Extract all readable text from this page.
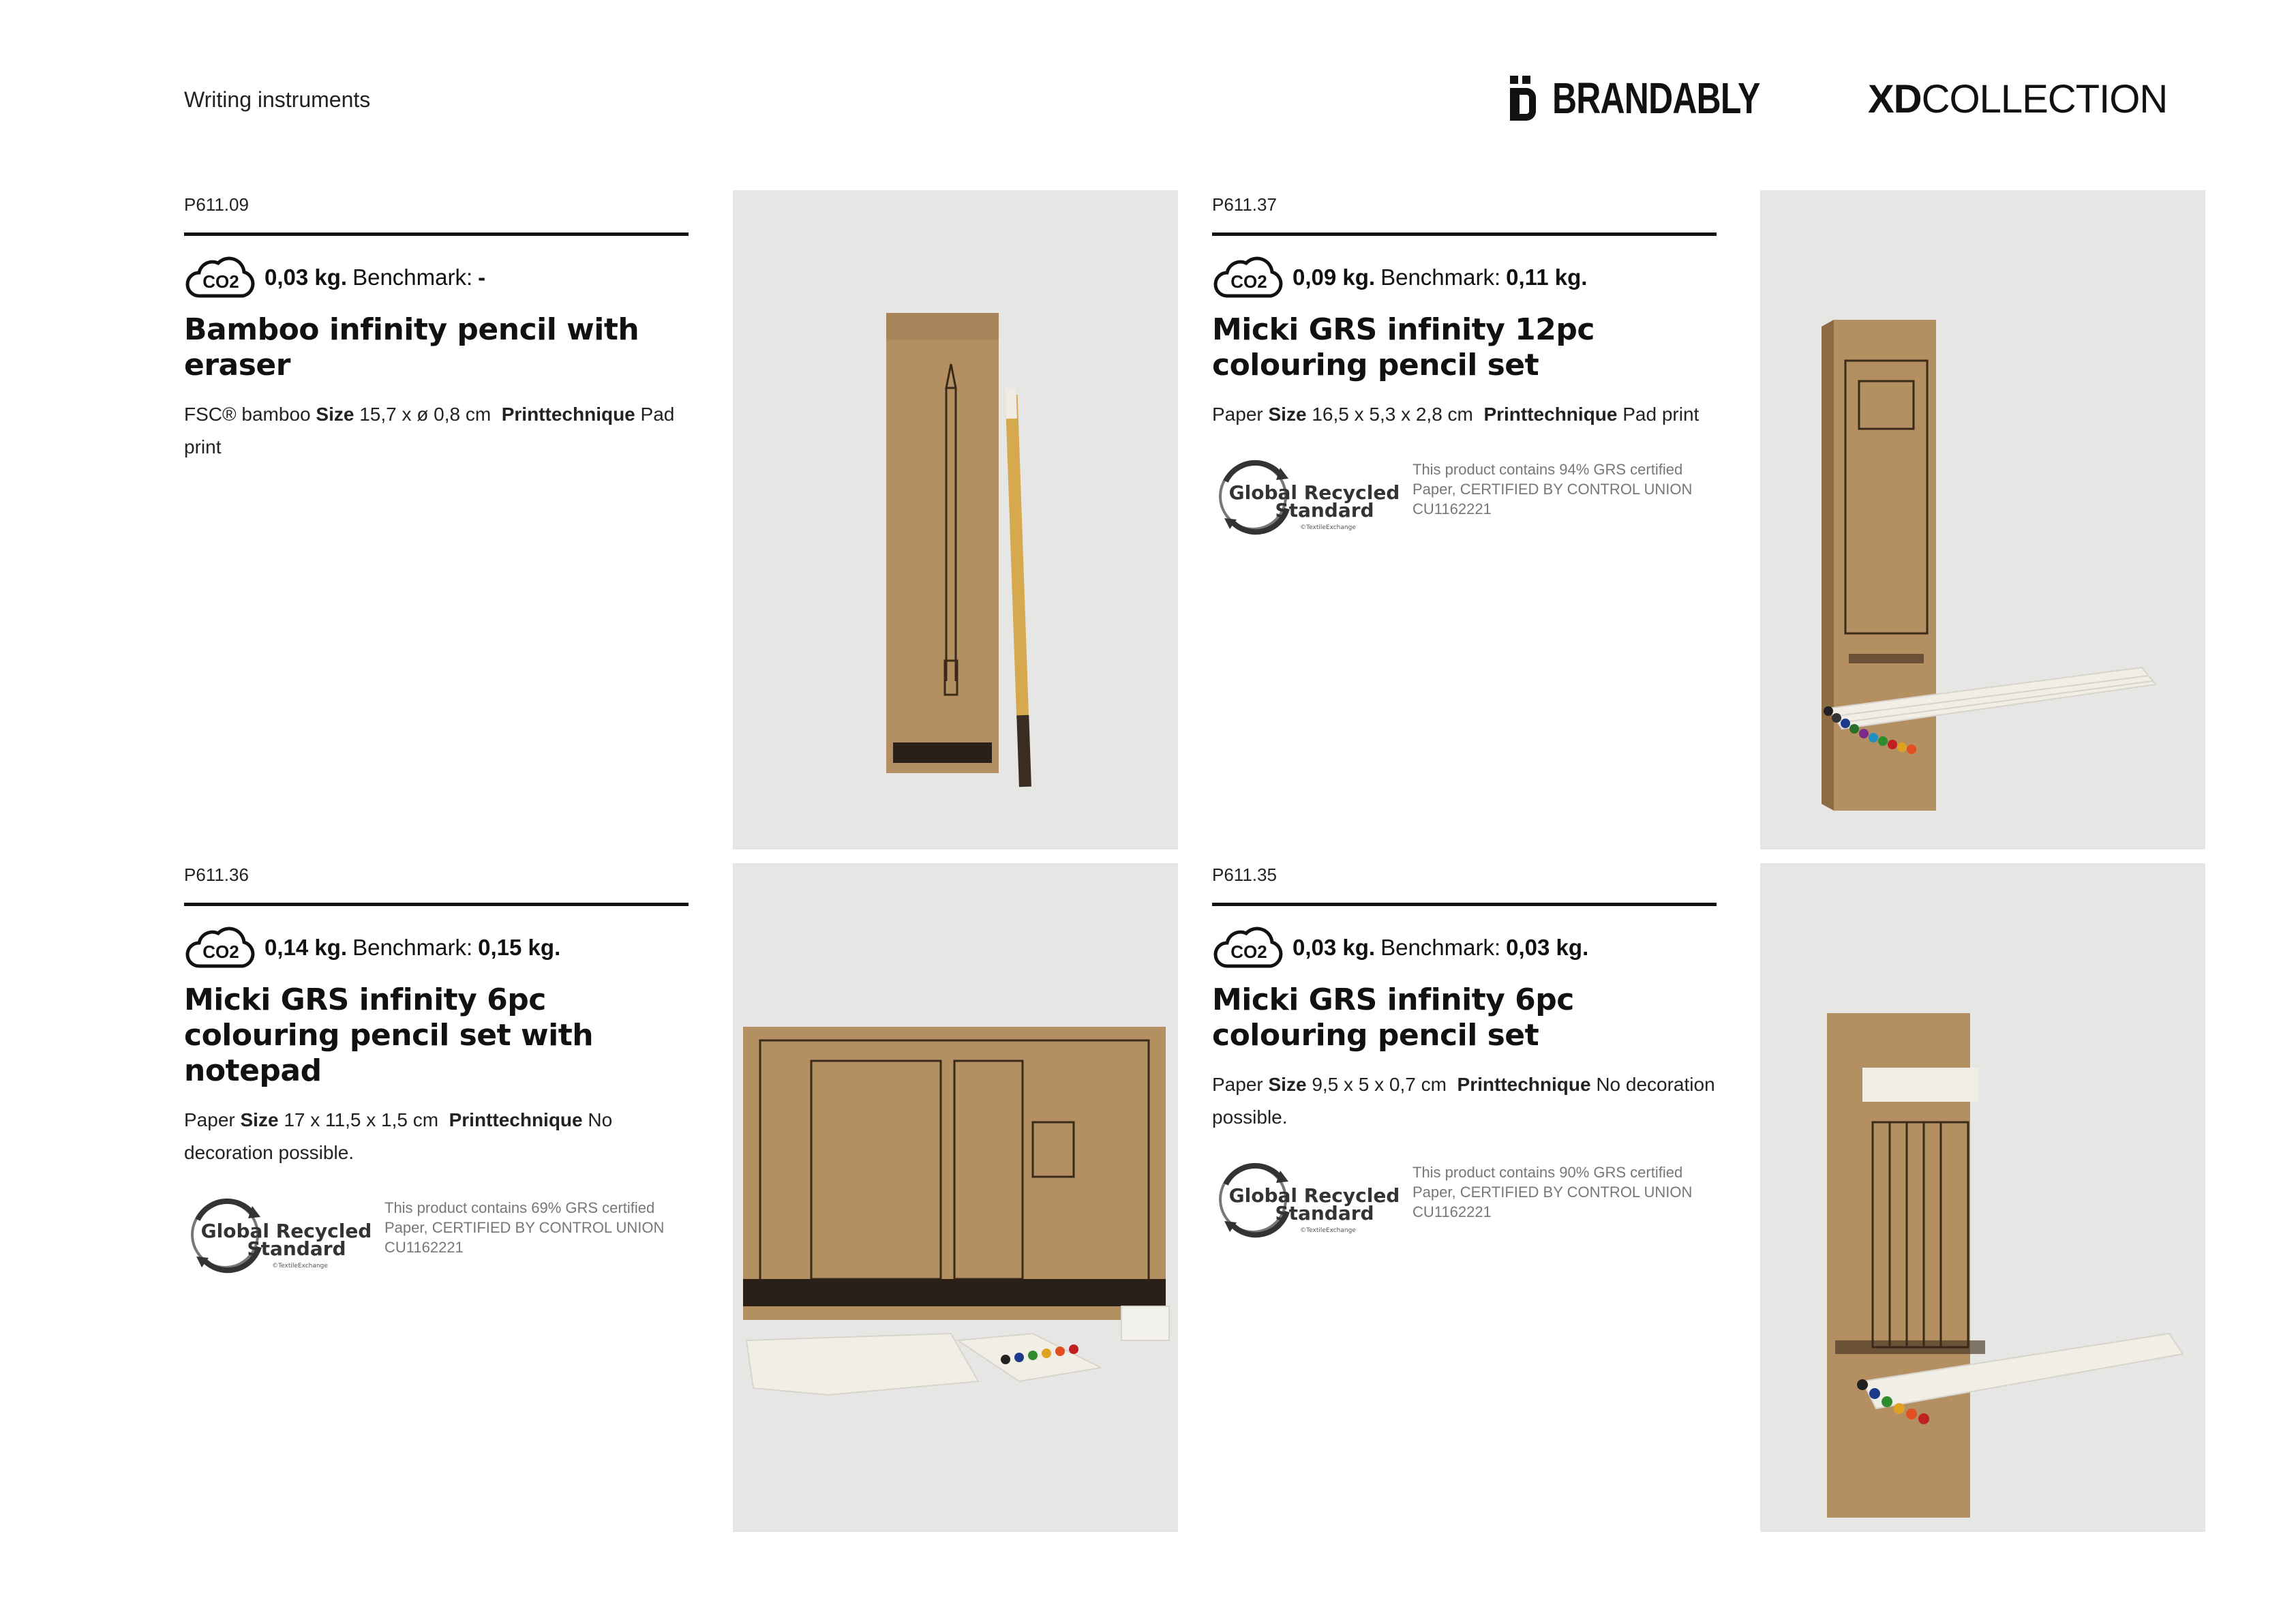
Writing instruments	BRANDABLY	XD COLLECTION
P611.09
CO2 0,03 kg. Benchmark: -
Bamboo infinity pencil with eraser
FSC® bamboo Size 15,7 x ø 0,8 cm Printtechnique Pad print
P611.37
CO2 0,09 kg. Benchmark: 0,11 kg.
Micki GRS infinity 12pc colouring pencil set
Paper Size 16,5 x 5,3 x 2,8 cm Printtechnique Pad print
Global Recycled
Standard
©TextileExchange
This product contains 94% GRS certified Paper, CERTIFIED BY CONTROL UNION CU1162221
P611.36
CO2 0,14 kg. Benchmark: 0,15 kg.
Micki GRS infinity 6pc colouring pencil set with notepad
Paper Size 17 x 11,5 x 1,5 cm Printtechnique No decoration possible.
Global Recycled
Standard
©TextileExchange
This product contains 69% GRS certified Paper, CERTIFIED BY CONTROL UNION CU1162221
P611.35
CO2 0,03 kg. Benchmark: 0,03 kg.
Micki GRS infinity 6pc colouring pencil set
Paper Size 9,5 x 5 x 0,7 cm Printtechnique No decoration possible.
Global Recycled
Standard
©TextileExchange
This product contains 90% GRS certified Paper, CERTIFIED BY CONTROL UNION CU1162221
